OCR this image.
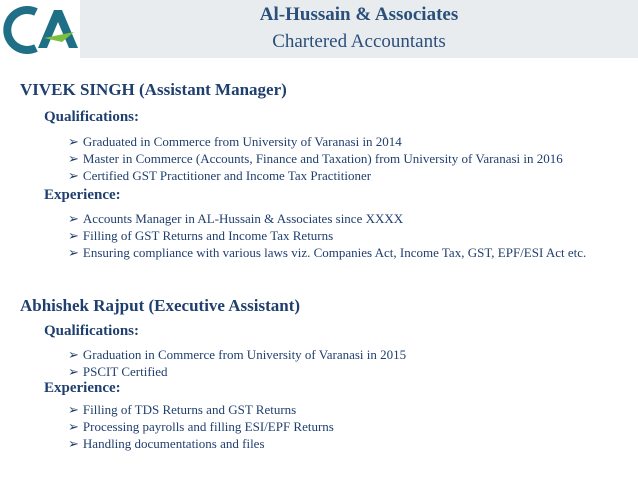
Al-Hussain & Associates
Chartered Accountants
VIVEK SINGH (Assistant Manager)
Qualifications:
➢ Graduated in Commerce from University of Varanasi in 2014
➢ Master in Commerce (Accounts, Finance and Taxation) from University of Varanasi in 2016
➢ Certified GST Practitioner and Income Tax Practitioner
Experience:
➢ Accounts Manager in AL-Hussain & Associates since XXXX
➢ Filling of GST Returns and Income Tax Returns
➢ Ensuring compliance with various laws viz. Companies Act, Income Tax, GST, EPF/ESI Act etc.
Abhishek Rajput (Executive Assistant)
Qualifications:
➢ Graduation in Commerce from University of Varanasi in 2015
➢ PSCIT Certified
Experience:
➢ Filling of TDS Returns and GST Returns
➢ Processing payrolls and filling ESI/EPF Returns
➢ Handling documentations and files
